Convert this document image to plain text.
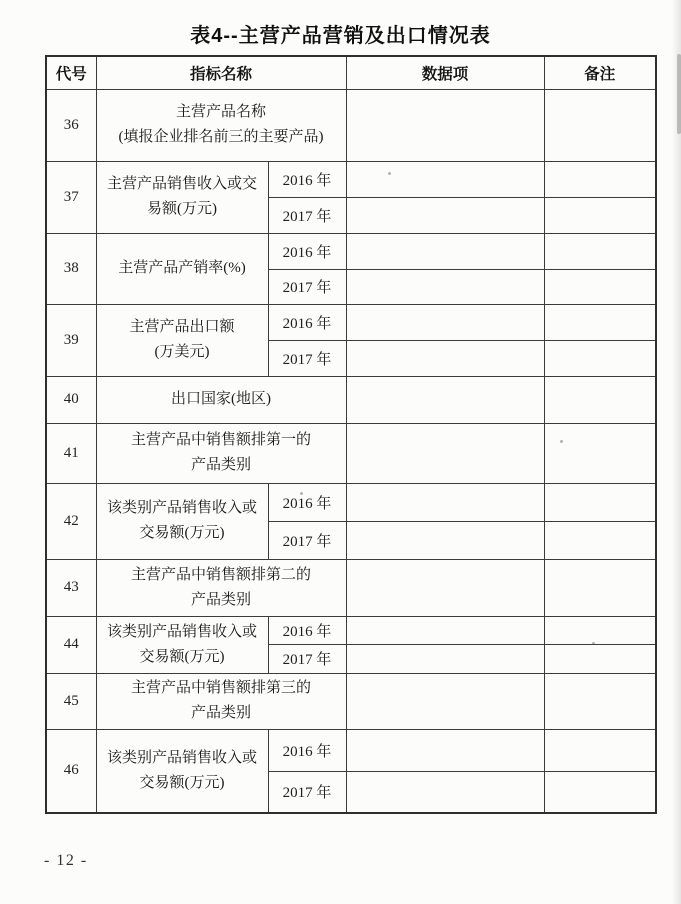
表4--主营产品营销及出口情况表
代号	指标名称		数据项	备注
36	主营产品名称
(填报企业排名前三的主要产品)			

37	主营产品销售收入或交
易额(万元)	2016 年		
		2017 年		
38	主营产品产销率(%)	2016 年		
		2017 年		
39	主营产品出口额
(万美元)	2016 年		
		2017 年		
40	出口国家(地区)			

41	主营产品中销售额排第一的
产品类别			

42	该类别产品销售收入或
交易额(万元)	2016 年		
		2017 年		
43	主营产品中销售额排第二的
产品类别			

44	该类别产品销售收入或
交易额(万元)	2016 年		
		2017 年		
45	主营产品中销售额排第三的
产品类别			

46	该类别产品销售收入或
交易额(万元)	2016 年		
		2017 年		
- 12 -
